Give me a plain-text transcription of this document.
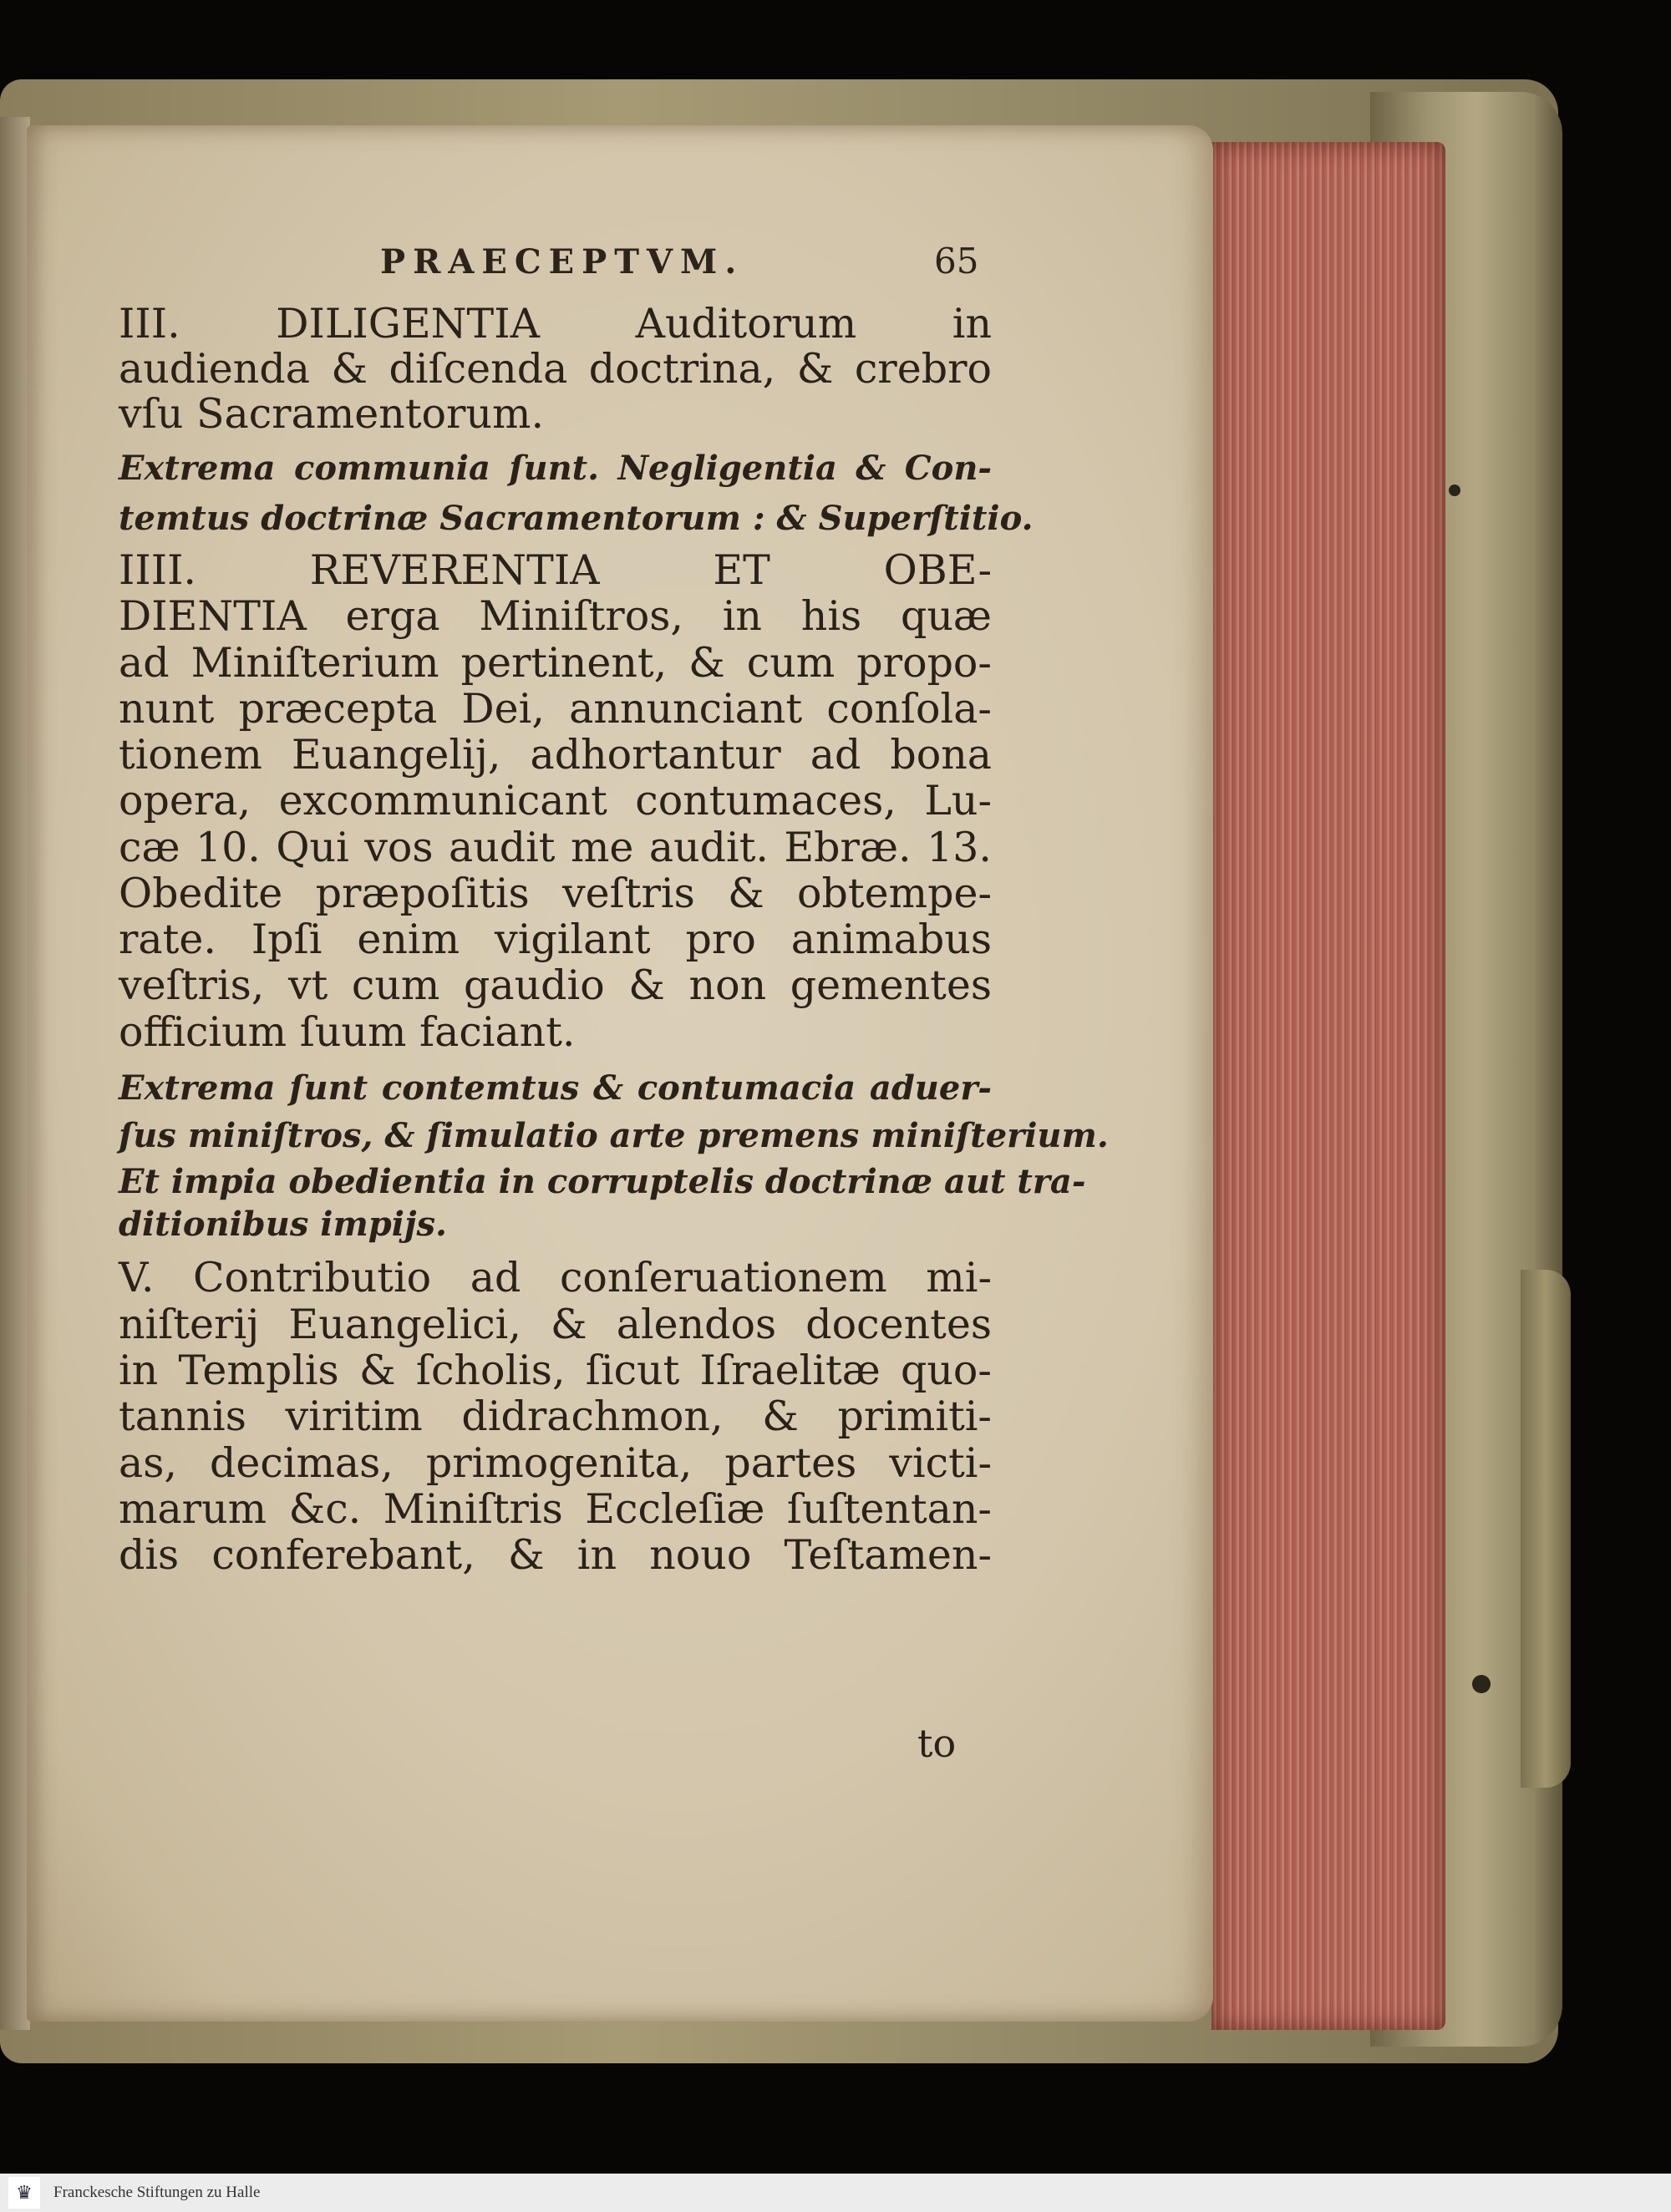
PRAECEPTVM.	65
III. DILIGENTIA Auditorum in
audienda & diſcenda doctrina, & crebro
vſu Sacramentorum.
Extrema communia ſunt. Negligentia & Con-
temtus doctrinæ Sacramentorum : & Superſtitio.
IIII. REVERENTIA ET OBE-
DIENTIA erga Miniſtros, in his quæ
ad Miniſterium pertinent, & cum propo-
nunt præcepta Dei, annunciant conſola-
tionem Euangelij, adhortantur ad bona
opera, excommunicant contumaces, Lu-
cæ 10. Qui vos audit me audit. Ebræ. 13.
Obedite præpoſitis veſtris & obtempe-
rate. Ipſi enim vigilant pro animabus
veſtris, vt cum gaudio & non gementes
officium ſuum faciant.
Extrema ſunt contemtus & contumacia aduer-
ſus miniſtros, & ſimulatio arte premens miniſterium.
Et impia obedientia in corruptelis doctrinæ aut tra-
ditionibus impijs.
V. Contributio ad conſeruationem mi-
niſterij Euangelici, & alendos docentes
in Templis & ſcholis, ſicut Iſraelitæ quo-
tannis viritim didrachmon, & primiti-
as, decimas, primogenita, partes victi-
marum &c. Miniſtris Eccleſiæ ſuſtentan-
dis conferebant, & in nouo Teſtamen-
to
♛	Franckesche Stiftungen zu Halle
